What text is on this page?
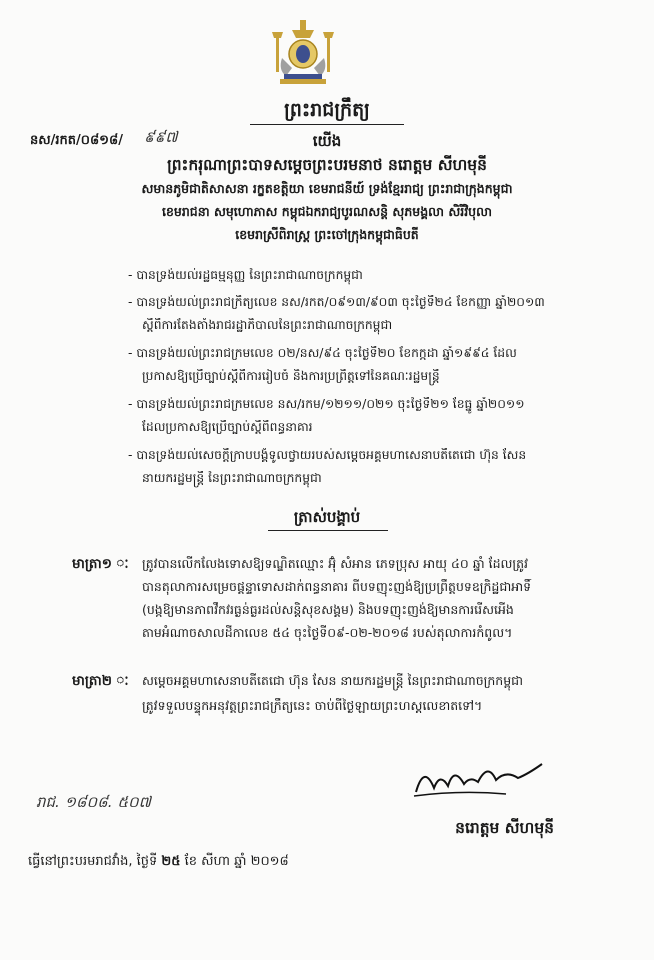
ព្រះរាជក្រឹត្យ
នស/រកត/០៨១៨/ ៩៩៧	យើង
ព្រះករុណាព្រះបាទសម្ដេចព្រះបរមនាថ នរោត្ដម សីហមុនី
សមានភូមិជាតិសាសនា រក្ខតខត្តិយា ខេមរាជនីយ៍ ទ្រង់ខ្មែររាជ្យ ព្រះរាជាក្រុងកម្ពុជា
ខេមរាជនា សមុហោភាស កម្ពុជឯករាជ្យបូរណសន្តិ សុភមង្គលា សិរីវិបុលា
ខេមរាស្រីពិរាស្ត្រ ព្រះចៅក្រុងកម្ពុជាធិបតី
- បានទ្រង់យល់រដ្ឋធម្មនុញ្ញ នៃព្រះរាជាណាចក្រកម្ពុជា
- បានទ្រង់យល់ព្រះរាជក្រឹត្យលេខ នស/រកត/០៩១៣/៩០៣ ចុះថ្ងៃទី២៤ ខែកញ្ញា ឆ្នាំ២០១៣
ស្ដីពីការតែងតាំងរាជរដ្ឋាភិបាលនៃព្រះរាជាណាចក្រកម្ពុជា
- បានទ្រង់យល់ព្រះរាជក្រមលេខ ០២/នស/៩៤ ចុះថ្ងៃទី២០ ខែកក្កដា ឆ្នាំ១៩៩៤ ដែល
ប្រកាសឱ្យប្រើច្បាប់ស្ដីពីការរៀបចំ និងការប្រព្រឹត្តទៅនៃគណៈរដ្ឋមន្ត្រី
- បានទ្រង់យល់ព្រះរាជក្រមលេខ នស/រកម/១២១១/០២១ ចុះថ្ងៃទី២១ ខែធ្នូ ឆ្នាំ២០១១
ដែលប្រកាសឱ្យប្រើច្បាប់ស្ដីពីពន្ធនាគារ
- បានទ្រង់យល់សេចក្ដីក្រាបបង្គំទូលថ្វាយរបស់សម្ដេចអគ្គមហាសេនាបតីតេជោ ហ៊ុន សែន
នាយករដ្ឋមន្ត្រី នៃព្រះរាជាណាចក្រកម្ពុជា
ត្រាស់បង្គាប់
មាត្រា១ ៈ ត្រូវបានលើកលែងទោសឱ្យទណ្ឌិតឈ្មោះ អ៊ុំ សំអាន ភេទប្រុស អាយុ ៤០ ឆ្នាំ ដែលត្រូវ
បានតុលាការសម្រេចផ្ដន្ទាទោសដាក់ពន្ធនាគារ ពីបទញុះញង់ឱ្យប្រព្រឹត្តបទឧក្រិដ្ឋជាអាទិ៍
(បង្កឱ្យមានភាពវឹកវរធ្ងន់ធ្ងរដល់សន្តិសុខសង្គម) និងបទញុះញង់ឱ្យមានការរើសអើង
តាមអំណាចសាលដីកាលេខ ៥៤ ចុះថ្ងៃទី០៩-០២-២០១៨ របស់តុលាការកំពូល។
មាត្រា២ ៈ សម្ដេចអគ្គមហាសេនាបតីតេជោ ហ៊ុន សែន នាយករដ្ឋមន្ត្រី នៃព្រះរាជាណាចក្រកម្ពុជា
ត្រូវទទួលបន្ទុកអនុវត្តព្រះរាជក្រឹត្យនេះ ចាប់ពីថ្ងៃឡាយព្រះហស្តលេខាតទៅ។
រាជ. ១៨០៨. ៥០៧
នរោត្ដម សីហមុនី
ធ្វើនៅព្រះបរមរាជវាំង, ថ្ងៃទី ២៥ ខែ សីហា ឆ្នាំ ២០១៨
